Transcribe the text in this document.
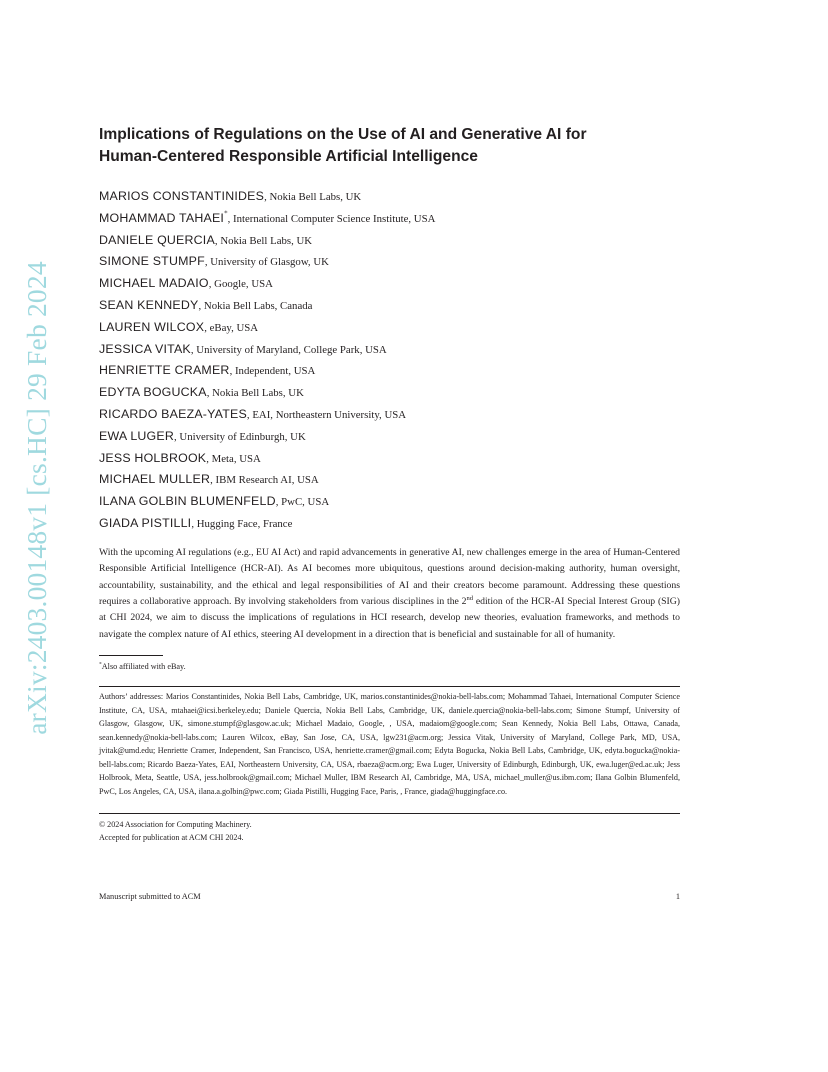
arXiv:2403.00148v1 [cs.HC] 29 Feb 2024
Implications of Regulations on the Use of AI and Generative AI for
Human-Centered Responsible Artificial Intelligence
MARIOS CONSTANTINIDES, Nokia Bell Labs, UK
MOHAMMAD TAHAEI*, International Computer Science Institute, USA
DANIELE QUERCIA, Nokia Bell Labs, UK
SIMONE STUMPF, University of Glasgow, UK
MICHAEL MADAIO, Google, USA
SEAN KENNEDY, Nokia Bell Labs, Canada
LAUREN WILCOX, eBay, USA
JESSICA VITAK, University of Maryland, College Park, USA
HENRIETTE CRAMER, Independent, USA
EDYTA BOGUCKA, Nokia Bell Labs, UK
RICARDO BAEZA-YATES, EAI, Northeastern University, USA
EWA LUGER, University of Edinburgh, UK
JESS HOLBROOK, Meta, USA
MICHAEL MULLER, IBM Research AI, USA
ILANA GOLBIN BLUMENFELD, PwC, USA
GIADA PISTILLI, Hugging Face, France

With the upcoming AI regulations (e.g., EU AI Act) and rapid advancements in generative AI, new challenges emerge in the area of Human-Centered Responsible Artificial Intelligence (HCR-AI). As AI becomes more ubiquitous, questions around decision-making authority, human oversight, accountability, sustainability, and the ethical and legal responsibilities of AI and their creators become paramount. Addressing these questions requires a collaborative approach. By involving stakeholders from various disciplines in the 2nd edition of the HCR-AI Special Interest Group (SIG) at CHI 2024, we aim to discuss the implications of regulations in HCI research, develop new theories, evaluation frameworks, and methods to navigate the complex nature of AI ethics, steering AI development in a direction that is beneficial and sustainable for all of humanity.

*Also affiliated with eBay.
Authors’ addresses: Marios Constantinides, Nokia Bell Labs, Cambridge, UK, marios.constantinides@nokia-bell-labs.com; Mohammad Tahaei, International Computer Science Institute, CA, USA, mtahaei@icsi.berkeley.edu; Daniele Quercia, Nokia Bell Labs, Cambridge, UK, daniele.quercia@nokia-bell-labs.com; Simone Stumpf, University of Glasgow, Glasgow, UK, simone.stumpf@glasgow.ac.uk; Michael Madaio, Google, , USA, madaiom@google.com; Sean Kennedy, Nokia Bell Labs, Ottawa, Canada, sean.kennedy@nokia-bell-labs.com; Lauren Wilcox, eBay, San Jose, CA, USA, lgw231@acm.org; Jessica Vitak, University of Maryland, College Park, MD, USA, jvitak@umd.edu; Henriette Cramer, Independent, San Francisco, USA, henriette.cramer@gmail.com; Edyta Bogucka, Nokia Bell Labs, Cambridge, UK, edyta.bogucka@nokia-bell-labs.com; Ricardo Baeza-Yates, EAI, Northeastern University, CA, USA, rbaeza@acm.org; Ewa Luger, University of Edinburgh, Edinburgh, UK, ewa.luger@ed.ac.uk; Jess Holbrook, Meta, Seattle, USA, jess.holbrook@gmail.com; Michael Muller, IBM Research AI, Cambridge, MA, USA, michael_muller@us.ibm.com; Ilana Golbin Blumenfeld, PwC, Los Angeles, CA, USA, ilana.a.golbin@pwc.com; Giada Pistilli, Hugging Face, Paris, , France, giada@huggingface.co.
© 2024 Association for Computing Machinery.
Accepted for publication at ACM CHI 2024.
Manuscript submitted to ACM	1
